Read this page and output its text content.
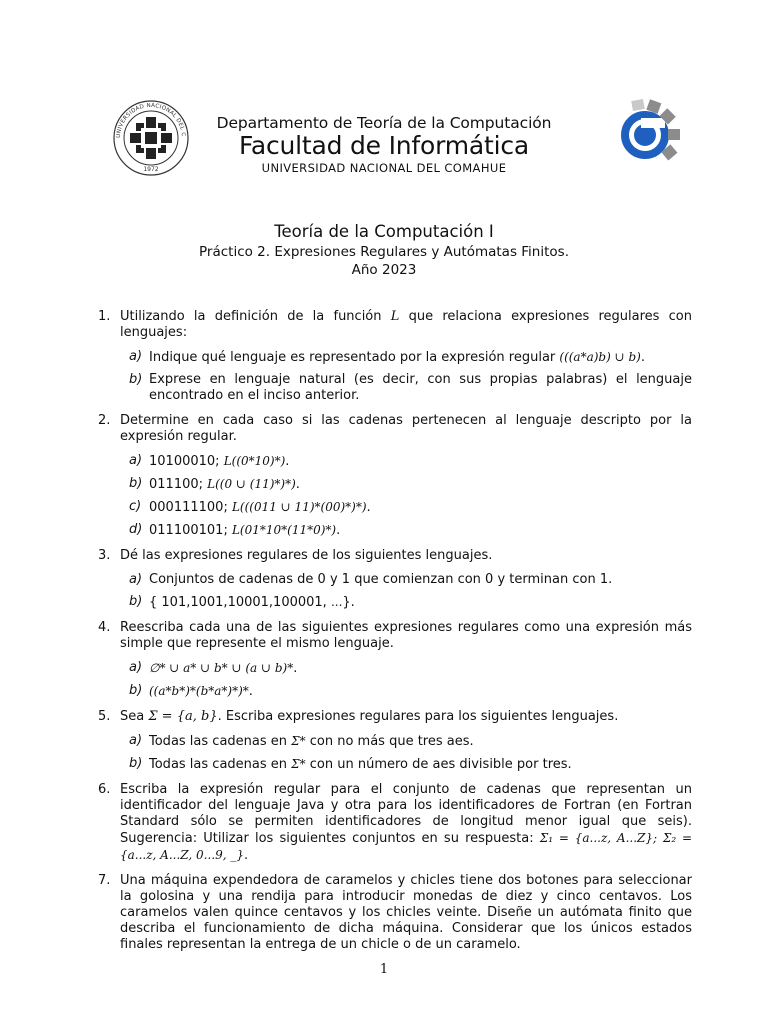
UNIVERSIDAD NACIONAL DEL C
1972
Departamento de Teoría de la Computación
Facultad de Informática
UNIVERSIDAD NACIONAL DEL COMAHUE
Teoría de la Computación I
Práctico 2. Expresiones Regulares y Autómatas Finitos.
Año 2023
1. Utilizando la definición de la función L que relaciona expresiones regulares con lenguajes:

a) Indique qué lenguaje es representado por la expresión regular (((a*a)b) ∪ b).
b) Exprese en lenguaje natural (es decir, con sus propias palabras) el lenguaje encontrado en el inciso anterior.
2. Determine en cada caso si las cadenas pertenecen al lenguaje descripto por la expresión regular.

a) 10100010; L((0*10)*).
b) 011100; L((0 ∪ (11)*)*).
c) 000111100; L(((011 ∪ 11)*(00)*)*).
d) 011100101; L(01*10*(11*0)*).
3. Dé las expresiones regulares de los siguientes lenguajes.

a) Conjuntos de cadenas de 0 y 1 que comienzan con 0 y terminan con 1.
b) { 101,1001,10001,100001, ...}.
4. Reescriba cada una de las siguientes expresiones regulares como una expresión más simple que represente el mismo lenguaje.

a) ∅* ∪ a* ∪ b* ∪ (a ∪ b)*.
b) ((a*b*)*(b*a*)*)*.
5. Sea Σ = {a, b}. Escriba expresiones regulares para los siguientes lenguajes.

a) Todas las cadenas en Σ* con no más que tres aes.
b) Todas las cadenas en Σ* con un número de aes divisible por tres.
6. Escriba la expresión regular para el conjunto de cadenas que representan un identificador del lenguaje Java y otra para los identificadores de Fortran (en Fortran Standard sólo se permiten identificadores de longitud menor igual que seis). Sugerencia: Utilizar los siguientes conjuntos en su respuesta: Σ₁ = {a...z, A...Z}; Σ₂ = {a...z, A...Z, 0...9, _}.

7. Una máquina expendedora de caramelos y chicles tiene dos botones para seleccionar la golosina y una rendija para introducir monedas de diez y cinco centavos. Los caramelos valen quince centavos y los chicles veinte. Diseñe un autómata finito que describa el funcionamiento de dicha máquina. Considerar que los únicos estados finales representan la entrega de un chicle o de un caramelo.

1
